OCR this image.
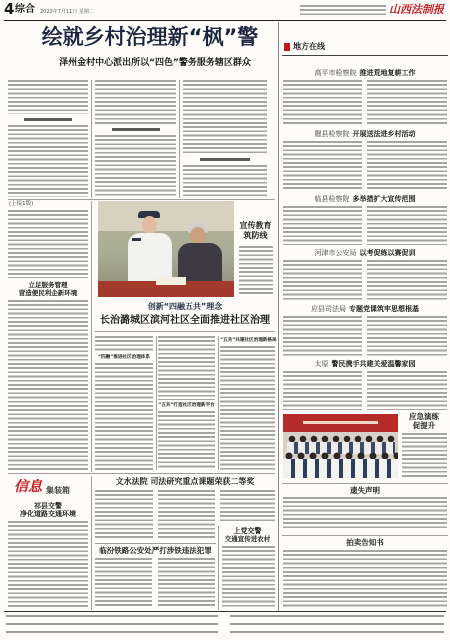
4 综合 2023年7月11日 星期二	山西法制报
绘就乡村治理新“枫”警
泽州金村中心派出所以“四色”警务服务辖区群众
(上接1版)
立足服务管理
营造便民利企新环境
宣传教育
筑防线
创新“四融五共”理念
长治潞城区滨河社区全面推进社区治理
“四融”推进社区治理体系
“五共”打造社区治理新平台
“五共”共建社区治理新格局
信息 集装箱
祁县交警
净化道路交通环境
文水法院 司法研究重点课题荣获二等奖
临汾铁路公安处严打涉铁违法犯罪
上党交警
交通宣传进农村
地方在线
高平市检察院 推进荒地复耕工作
隰县检察院 开展送法进乡村活动
临县检察院 多举措扩大宣传范围
河津市公安局 以考促练以赛促训
应县司法局 专题党课筑牢思想根基
太原 警民携手共建关爱温馨家园
应急演练
促提升
遗失声明
拍卖告知书
